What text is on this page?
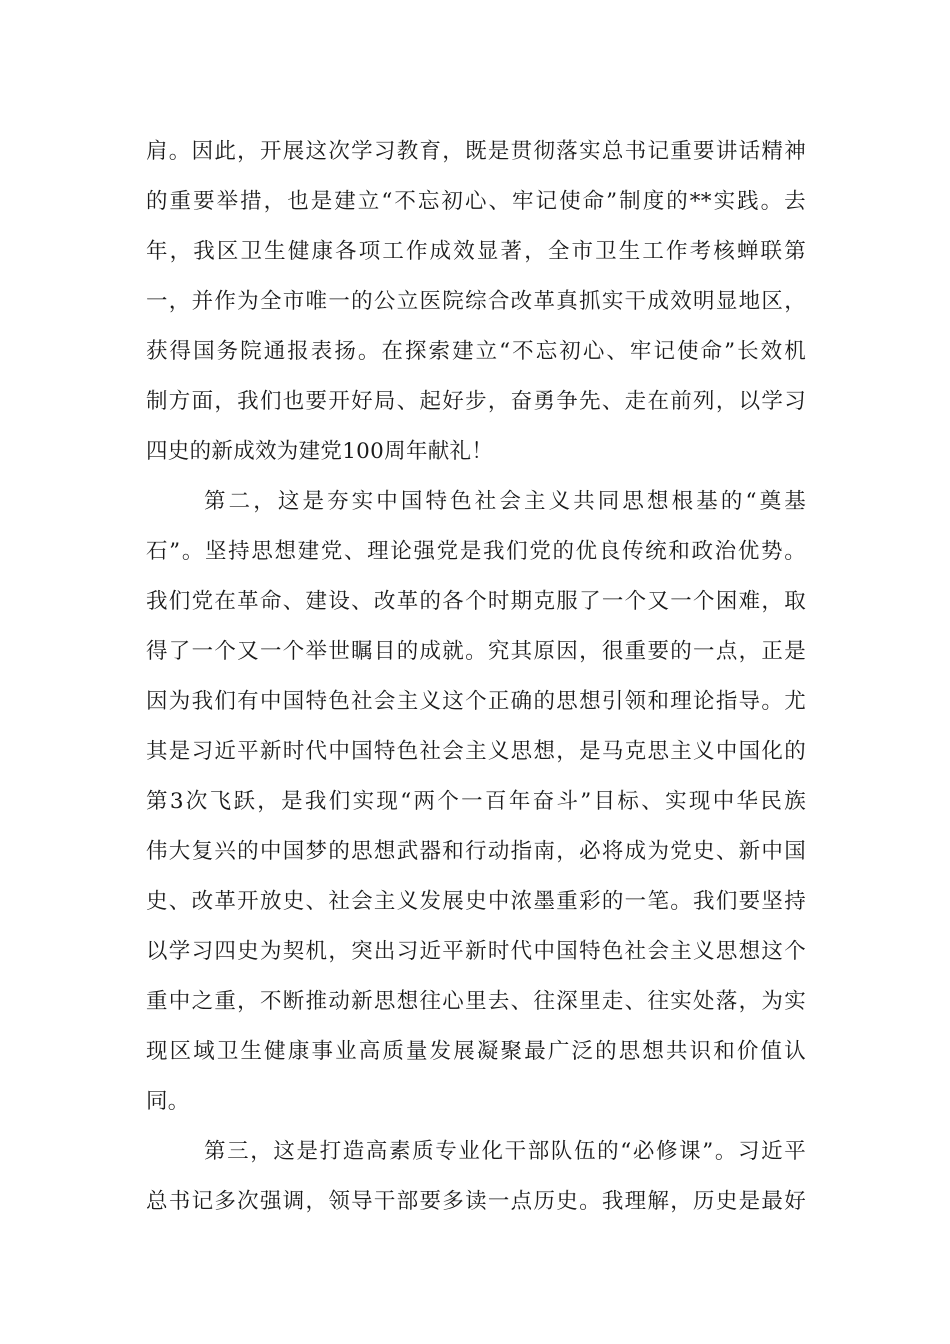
肩。因此，开展这次学习教育，既是贯彻落实总书记重要讲话精神
的重要举措，也是建立“不忘初心、牢记使命”制度的**实践。去
年，我区卫生健康各项工作成效显著，全市卫生工作考核蝉联第
一，并作为全市唯一的公立医院综合改革真抓实干成效明显地区，
获得国务院通报表扬。在探索建立“不忘初心、牢记使命”长效机
制方面，我们也要开好局、起好步，奋勇争先、走在前列，以学习
四史的新成效为建党100周年献礼！
第二，这是夯实中国特色社会主义共同思想根基的“奠基
石”。坚持思想建党、理论强党是我们党的优良传统和政治优势。
我们党在革命、建设、改革的各个时期克服了一个又一个困难，取
得了一个又一个举世瞩目的成就。究其原因，很重要的一点，正是
因为我们有中国特色社会主义这个正确的思想引领和理论指导。尤
其是习近平新时代中国特色社会主义思想，是马克思主义中国化的
第3次飞跃，是我们实现“两个一百年奋斗”目标、实现中华民族
伟大复兴的中国梦的思想武器和行动指南，必将成为党史、新中国
史、改革开放史、社会主义发展史中浓墨重彩的一笔。我们要坚持
以学习四史为契机，突出习近平新时代中国特色社会主义思想这个
重中之重，不断推动新思想往心里去、往深里走、往实处落，为实
现区域卫生健康事业高质量发展凝聚最广泛的思想共识和价值认
同。
第三，这是打造高素质专业化干部队伍的“必修课”。习近平
总书记多次强调，领导干部要多读一点历史。我理解，历史是最好
